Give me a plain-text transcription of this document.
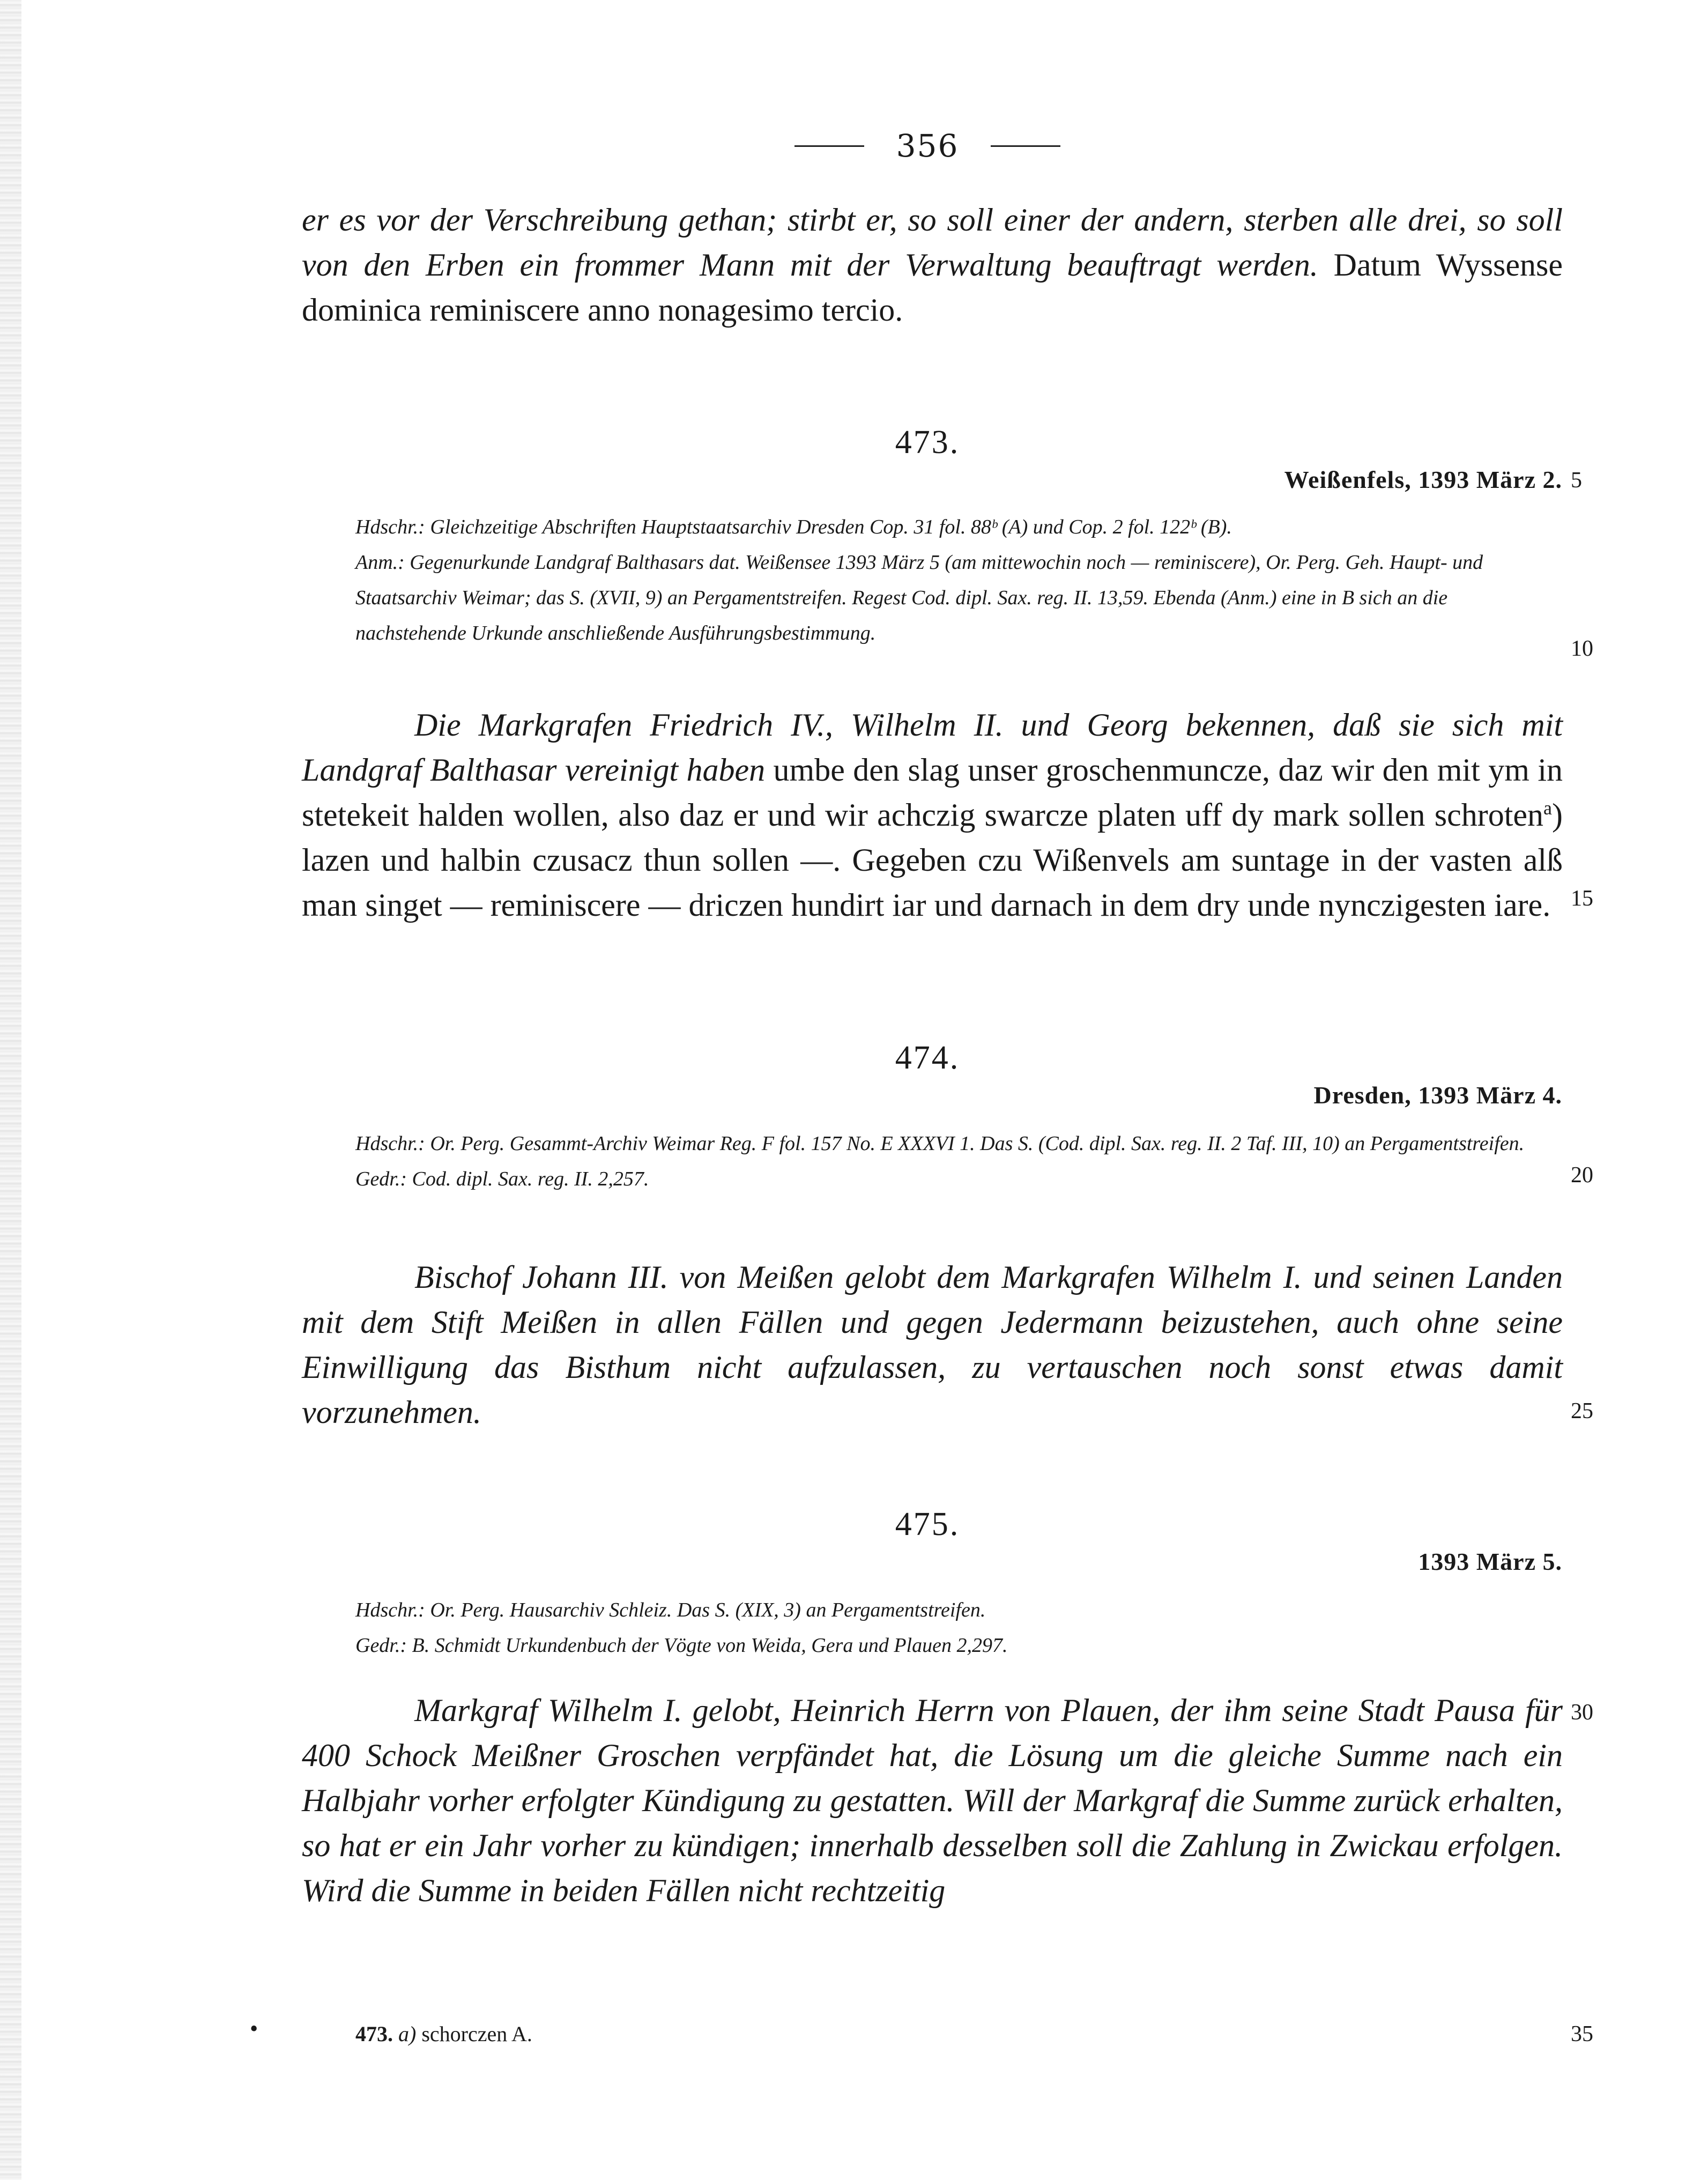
356
er es vor der Verschreibung gethan; stirbt er, so soll einer der andern, sterben alle drei, so soll von den Erben ein frommer Mann mit der Verwaltung beauftragt werden. Datum Wyssense dominica reminiscere anno nonagesimo tercio.
473.
Weißenfels, 1393 März 2. 5
Hdschr.: Gleichzeitige Abschriften Hauptstaatsarchiv Dresden Cop. 31 fol. 88ᵇ (A) und Cop. 2 fol. 122ᵇ (B).
Anm.: Gegenurkunde Landgraf Balthasars dat. Weißensee 1393 März 5 (am mittewochin noch — reminiscere), Or. Perg. Geh. Haupt- und Staatsarchiv Weimar; das S. (XVII, 9) an Pergamentstreifen. Regest Cod. dipl. Sax. reg. II. 13,59. Ebenda (Anm.) eine in B sich an die nachstehende Urkunde anschließende Ausführungsbestimmung.
10
Die Markgrafen Friedrich IV., Wilhelm II. und Georg bekennen, daß sie sich mit Landgraf Balthasar vereinigt haben umbe den slag unser groschenmuncze, daz wir den mit ym in stetekeit halden wollen, also daz er und wir achczig swarcze platen uff dy mark sollen schroten$^a$) lazen und halbin czusacz thun sollen —. Gegeben czu Wißenvels am suntage in der vasten alß man singet — reminiscere — driczen hundirt iar und darnach in dem dry unde nynczigesten iare. 15
474.
Dresden, 1393 März 4.
Hdschr.: Or. Perg. Gesammt-Archiv Weimar Reg. F fol. 157 No. E XXXVI 1. Das S. (Cod. dipl. Sax. reg. II. 2 Taf. III, 10) an Pergamentstreifen.
Gedr.: Cod. dipl. Sax. reg. II. 2,257.	20
Bischof Johann III. von Meißen gelobt dem Markgrafen Wilhelm I. und seinen Landen mit dem Stift Meißen in allen Fällen und gegen Jedermann beizustehen, auch ohne seine Einwilligung das Bisthum nicht aufzulassen, zu vertauschen noch sonst etwas damit vorzunehmen.	25
475.
1393 März 5.
Hdschr.: Or. Perg. Hausarchiv Schleiz. Das S. (XIX, 3) an Pergamentstreifen.
Gedr.: B. Schmidt Urkundenbuch der Vögte von Weida, Gera und Plauen 2,297.
Markgraf Wilhelm I. gelobt, Heinrich Herrn von Plauen, der ihm seine Stadt Pausa für 400 Schock Meißner Groschen verpfändet hat, die Lösung um die gleiche Summe nach ein Halbjahr vorher erfolgter Kündigung zu gestatten. Will der Markgraf die Summe zurück erhalten, so hat er ein Jahr vorher zu kündigen; innerhalb desselben soll die Zahlung in Zwickau erfolgen. Wird die Summe in beiden Fällen nicht rechtzeitig
30
•	473. a) schorczen A.	35
